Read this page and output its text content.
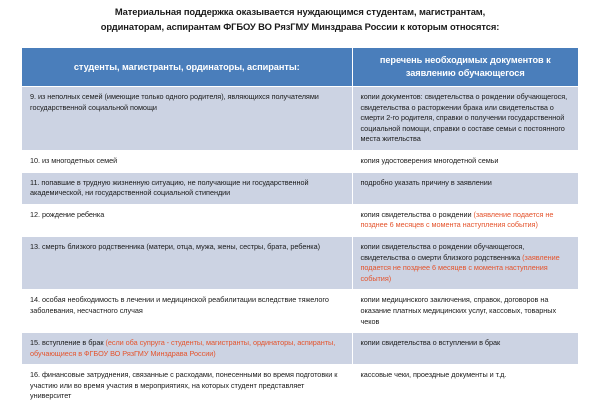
Материальная поддержка оказывается нуждающимся студентам, магистрантам,
ординаторам, аспирантам ФГБОУ ВО РязГМУ Минздрава России к которым относятся:
студенты, магистранты, ординаторы, аспиранты:	перечень необходимых документов к заявлению обучающегося
9. из неполных семей (имеющие только одного родителя), являющихся получателями государственной социальной помощи	копии документов: свидетельства о рождении обучающегося, свидетельства о расторжении брака или свидетельства о смерти 2-го родителя, справки о получении государственной социальной помощи, справки о составе семьи с постоянного места жительства
10. из многодетных семей	копия удостоверения многодетной семьи
11. попавшие в трудную жизненную ситуацию, не получающие ни государственной академической, ни государственной социальной стипендии	подробно указать причину в заявлении
12. рождение ребенка	копия свидетельства о рождении (заявление подается не позднее 6 месяцев с момента наступления события)
13. смерть близкого родственника (матери, отца, мужа, жены, сестры, брата, ребенка)	копии свидетельства о рождении обучающегося, свидетельства о смерти близкого родственника (заявление подается не позднее 6 месяцев с момента наступления события)
14. особая необходимость в лечении и медицинской реабилитации вследствие тяжелого заболевания, несчастного случая	копии медицинского заключения, справок, договоров на оказание платных медицинских услуг, кассовых, товарных чеков
15. вступление в брак (если оба супруга - студенты, магистранты, ординаторы, аспиранты, обучающиеся в ФГБОУ ВО РязГМУ Минздрава России)	копии свидетельства о вступлении в брак
16. финансовые затруднения, связанные с расходами, понесенными во время подготовки к участию или во время участия в мероприятиях, на которых студент представляет университет	кассовые чеки, проездные документы и т.д.
